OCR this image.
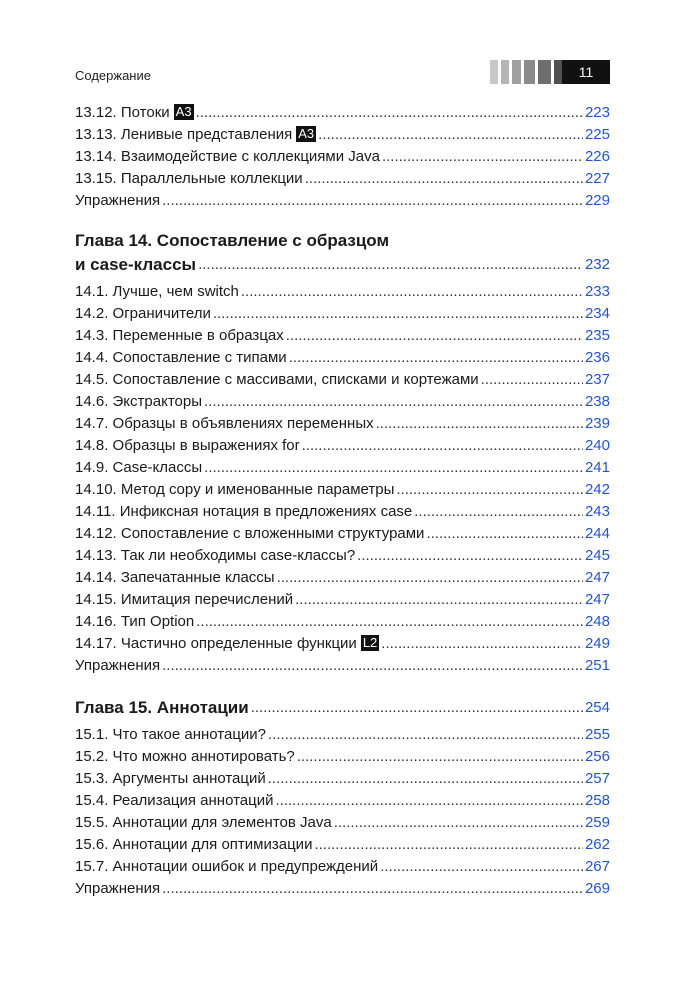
Содержание	11
13.12. Потоки A3 .....	223
13.13. Ленивые представления A3 .....	225
13.14. Взаимодействие с коллекциями Java .....	226
13.15. Параллельные коллекции .....	227
Упражнения .....	229
Глава 14. Сопоставление с образцом
и case-классы .....	232
14.1. Лучше, чем switch .....	233
14.2. Ограничители .....	234
14.3. Переменные в образцах .....	235
14.4. Сопоставление с типами .....	236
14.5. Сопоставление с массивами, списками и кортежами .....	237
14.6. Экстракторы .....	238
14.7. Образцы в объявлениях переменных .....	239
14.8. Образцы в выражениях for .....	240
14.9. Case-классы .....	241
14.10. Метод copy и именованные параметры .....	242
14.11. Инфиксная нотация в предложениях case .....	243
14.12. Сопоставление с вложенными структурами .....	244
14.13. Так ли необходимы case-классы? .....	245
14.14. Запечатанные классы .....	247
14.15. Имитация перечислений .....	247
14.16. Тип Option .....	248
14.17. Частично определенные функции L2 .....	249
Упражнения .....	251
Глава 15. Аннотации .....	254
15.1. Что такое аннотации? .....	255
15.2. Что можно аннотировать? .....	256
15.3. Аргументы аннотаций .....	257
15.4. Реализация аннотаций .....	258
15.5. Аннотации для элементов Java .....	259
15.6. Аннотации для оптимизации .....	262
15.7. Аннотации ошибок и предупреждений .....	267
Упражнения .....	269
